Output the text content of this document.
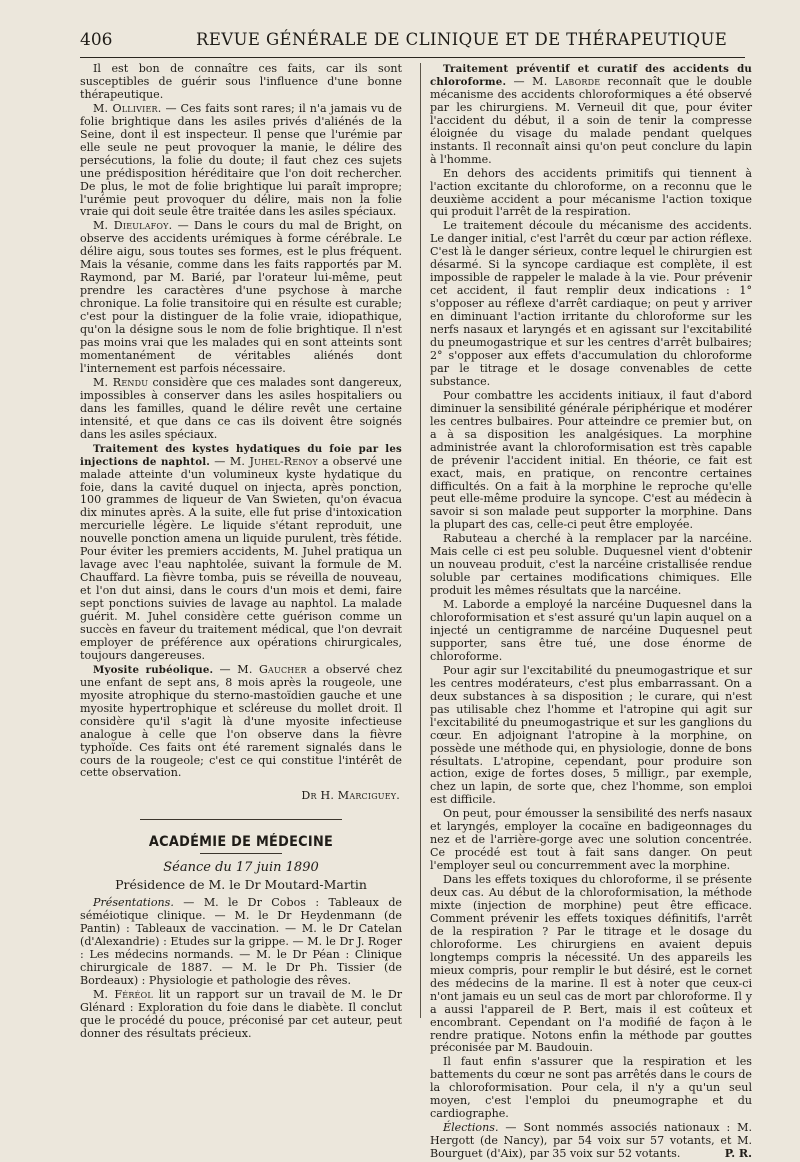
406	REVUE GÉNÉRALE DE CLINIQUE ET DE THÉRAPEUTIQUE

Il est bon de connaître ces faits, car ils sont susceptibles de guérir sous l'influence d'une bonne thérapeutique.

M. Ollivier. — Ces faits sont rares; il n'a jamais vu de folie brightique dans les asiles privés d'aliénés de la Seine, dont il est inspecteur. Il pense que l'urémie par elle seule ne peut provoquer la manie, le délire des persécutions, la folie du doute; il faut chez ces sujets une prédisposition héréditaire que l'on doit rechercher. De plus, le mot de folie brightique lui paraît impropre; l'urémie peut provoquer du délire, mais non la folie vraie qui doit seule être traitée dans les asiles spéciaux.

M. Dieulafoy. — Dans le cours du mal de Bright, on observe des accidents urémiques à forme cérébrale. Le délire aigu, sous toutes ses formes, est le plus fréquent. Mais la vésanie, comme dans les faits rapportés par M. Raymond, par M. Barié, par l'orateur lui-même, peut prendre les caractères d'une psychose à marche chronique. La folie transitoire qui en résulte est curable; c'est pour la distinguer de la folie vraie, idiopathique, qu'on la désigne sous le nom de folie brightique. Il n'est pas moins vrai que les malades qui en sont atteints sont momentanément de véritables aliénés dont l'internement est parfois nécessaire.

M. Rendu considère que ces malades sont dangereux, impossibles à conserver dans les asiles hospitaliers ou dans les familles, quand le délire revêt une certaine intensité, et que dans ce cas ils doivent être soignés dans les asiles spéciaux.

Traitement des kystes hydatiques du foie par les injections de naphtol. — M. Juhel-Renoy a observé une malade atteinte d'un volumineux kyste hydatique du foie, dans la cavité duquel on injecta, après ponction, 100 grammes de liqueur de Van Swieten, qu'on évacua dix minutes après. A la suite, elle fut prise d'intoxication mercurielle légère. Le liquide s'étant reproduit, une nouvelle ponction amena un liquide purulent, très fétide. Pour éviter les premiers accidents, M. Juhel pratiqua un lavage avec l'eau naphtolée, suivant la formule de M. Chauffard. La fièvre tomba, puis se réveilla de nouveau, et l'on dut ainsi, dans le cours d'un mois et demi, faire sept ponctions suivies de lavage au naphtol. La malade guérit. M. Juhel considère cette guérison comme un succès en faveur du traitement médical, que l'on devrait employer de préférence aux opérations chirurgicales, toujours dangereuses.

Myosite rubéolique. — M. Gaucher a observé chez une enfant de sept ans, 8 mois après la rougeole, une myosite atrophique du sterno-mastoïdien gauche et une myosite hypertrophique et scléreuse du mollet droit. Il considère qu'il s'agit là d'une myosite infectieuse analogue à celle que l'on observe dans la fièvre typhoïde. Ces faits ont été rarement signalés dans le cours de la rougeole; c'est ce qui constitue l'intérêt de cette observation.

Dr H. Marciguey.

ACADÉMIE DE MÉDECINE

Séance du 17 juin 1890

Présidence de M. le Dr Moutard-Martin

Présentations. — M. le Dr Cobos : Tableaux de séméiotique clinique. — M. le Dr Heydenmann (de Pantin) : Tableaux de vaccination. — M. le Dr Catelan (d'Alexandrie) : Etudes sur la grippe. — M. le Dr J. Roger : Les médecins normands. — M. le Dr Péan : Clinique chirurgicale de 1887. — M. le Dr Ph. Tissier (de Bordeaux) : Physiologie et pathologie des rêves.

M. Féréol lit un rapport sur un travail de M. le Dr Glénard : Exploration du foie dans le diabète. Il conclut que le procédé du pouce, préconisé par cet auteur, peut donner des résultats précieux.

Traitement préventif et curatif des accidents du chloroforme. — M. Laborde reconnaît que le double mécanisme des accidents chloroformiques a été observé par les chirurgiens. M. Verneuil dit que, pour éviter l'accident du début, il a soin de tenir la compresse éloignée du visage du malade pendant quelques instants. Il reconnaît ainsi qu'on peut conclure du lapin à l'homme.

En dehors des accidents primitifs qui tiennent à l'action excitante du chloroforme, on a reconnu que le deuxième accident a pour mécanisme l'action toxique qui produit l'arrêt de la respiration.

Le traitement découle du mécanisme des accidents. Le danger initial, c'est l'arrêt du cœur par action réflexe. C'est là le danger sérieux, contre lequel le chirurgien est désarmé. Si la syncope cardiaque est complète, il est impossible de rappeler le malade à la vie. Pour prévenir cet accident, il faut remplir deux indications : 1° s'opposer au réflexe d'arrêt cardiaque; on peut y arriver en diminuant l'action irritante du chloroforme sur les nerfs nasaux et laryngés et en agissant sur l'excitabilité du pneumogastrique et sur les centres d'arrêt bulbaires; 2° s'opposer aux effets d'accumulation du chloroforme par le titrage et le dosage convenables de cette substance.

Pour combattre les accidents initiaux, il faut d'abord diminuer la sensibilité générale périphérique et modérer les centres bulbaires. Pour atteindre ce premier but, on a à sa disposition les analgésiques. La morphine administrée avant la chloroformisation est très capable de prévenir l'accident initial. En théorie, ce fait est exact, mais, en pratique, on rencontre certaines difficultés. On a fait à la morphine le reproche qu'elle peut elle-même produire la syncope. C'est au médecin à savoir si son malade peut supporter la morphine. Dans la plupart des cas, celle-ci peut être employée.

Rabuteau a cherché à la remplacer par la narcéine. Mais celle ci est peu soluble. Duquesnel vient d'obtenir un nouveau produit, c'est la narcéine cristallisée rendue soluble par certaines modifications chimiques. Elle produit les mêmes résultats que la narcéine.

M. Laborde a employé la narcéine Duquesnel dans la chloroformisation et s'est assuré qu'un lapin auquel on a injecté un centigramme de narcéine Duquesnel peut supporter, sans être tué, une dose énorme de chloroforme.

Pour agir sur l'excitabilité du pneumogastrique et sur les centres modérateurs, c'est plus embarrassant. On a deux substances à sa disposition ; le curare, qui n'est pas utilisable chez l'homme et l'atropine qui agit sur l'excitabilité du pneumogastrique et sur les ganglions du cœur. En adjoignant l'atropine à la morphine, on possède une méthode qui, en physiologie, donne de bons résultats. L'atropine, cependant, pour produire son action, exige de fortes doses, 5 milligr., par exemple, chez un lapin, de sorte que, chez l'homme, son emploi est difficile.

On peut, pour émousser la sensibilité des nerfs nasaux et laryngés, employer la cocaïne en badigeonnages du nez et de l'arrière-gorge avec une solution concentrée. Ce procédé est tout à fait sans danger. On peut l'employer seul ou concurremment avec la morphine.

Dans les effets toxiques du chloroforme, il se présente deux cas. Au début de la chloroformisation, la méthode mixte (injection de morphine) peut être efficace. Comment prévenir les effets toxiques définitifs, l'arrêt de la respiration ? Par le titrage et le dosage du chloroforme. Les chirurgiens en avaient depuis longtemps compris la nécessité. Un des appareils les mieux compris, pour remplir le but désiré, est le cornet des médecins de la marine. Il est à noter que ceux-ci n'ont jamais eu un seul cas de mort par chloroforme. Il y a aussi l'appareil de P. Bert, mais il est coûteux et encombrant. Cependant on l'a modifié de façon à le rendre pratique. Notons enfin la méthode par gouttes préconisée par M. Baudouin.

Il faut enfin s'assurer que la respiration et les battements du cœur ne sont pas arrêtés dans le cours de la chloroformisation. Pour cela, il n'y a qu'un seul moyen, c'est l'emploi du pneumographe et du cardiographe.

Élections. — Sont nommés associés nationaux : M. Hergott (de Nancy), par 54 voix sur 57 votants, et M. Bourguet (d'Aix), par 35 voix sur 52 votants.	P. R.
